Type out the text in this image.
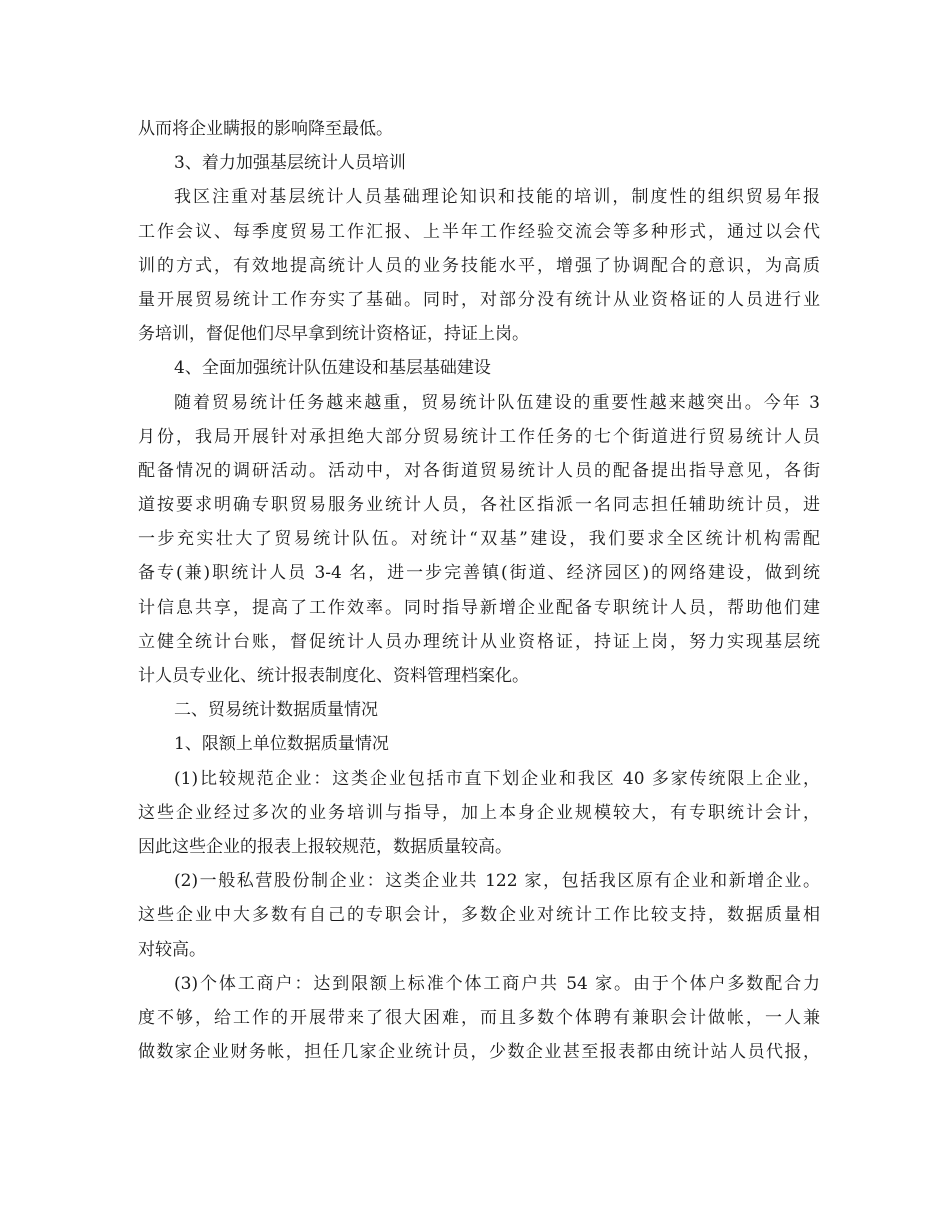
从而将企业瞒报的影响降至最低。
3、着力加强基层统计人员培训
我区注重对基层统计人员基础理论知识和技能的培训，制度性的组织贸易年报
工作会议、每季度贸易工作汇报、上半年工作经验交流会等多种形式，通过以会代
训的方式，有效地提高统计人员的业务技能水平，增强了协调配合的意识，为高质
量开展贸易统计工作夯实了基础。同时，对部分没有统计从业资格证的人员进行业
务培训，督促他们尽早拿到统计资格证，持证上岗。
4、全面加强统计队伍建设和基层基础建设
随着贸易统计任务越来越重，贸易统计队伍建设的重要性越来越突出。今年 3
月份，我局开展针对承担绝大部分贸易统计工作任务的七个街道进行贸易统计人员
配备情况的调研活动。活动中，对各街道贸易统计人员的配备提出指导意见，各街
道按要求明确专职贸易服务业统计人员，各社区指派一名同志担任辅助统计员，进
一步充实壮大了贸易统计队伍。对统计“双基”建设，我们要求全区统计机构需配
备专(兼)职统计人员 3-4 名，进一步完善镇(街道、经济园区)的网络建设，做到统
计信息共享，提高了工作效率。同时指导新增企业配备专职统计人员，帮助他们建
立健全统计台账，督促统计人员办理统计从业资格证，持证上岗，努力实现基层统
计人员专业化、统计报表制度化、资料管理档案化。
二、贸易统计数据质量情况
1、限额上单位数据质量情况
(1)比较规范企业：这类企业包括市直下划企业和我区 40 多家传统限上企业，
这些企业经过多次的业务培训与指导，加上本身企业规模较大，有专职统计会计，
因此这些企业的报表上报较规范，数据质量较高。
(2)一般私营股份制企业：这类企业共 122 家，包括我区原有企业和新增企业。
这些企业中大多数有自己的专职会计，多数企业对统计工作比较支持，数据质量相
对较高。
(3)个体工商户：达到限额上标准个体工商户共 54 家。由于个体户多数配合力
度不够，给工作的开展带来了很大困难，而且多数个体聘有兼职会计做帐，一人兼
做数家企业财务帐，担任几家企业统计员，少数企业甚至报表都由统计站人员代报，
